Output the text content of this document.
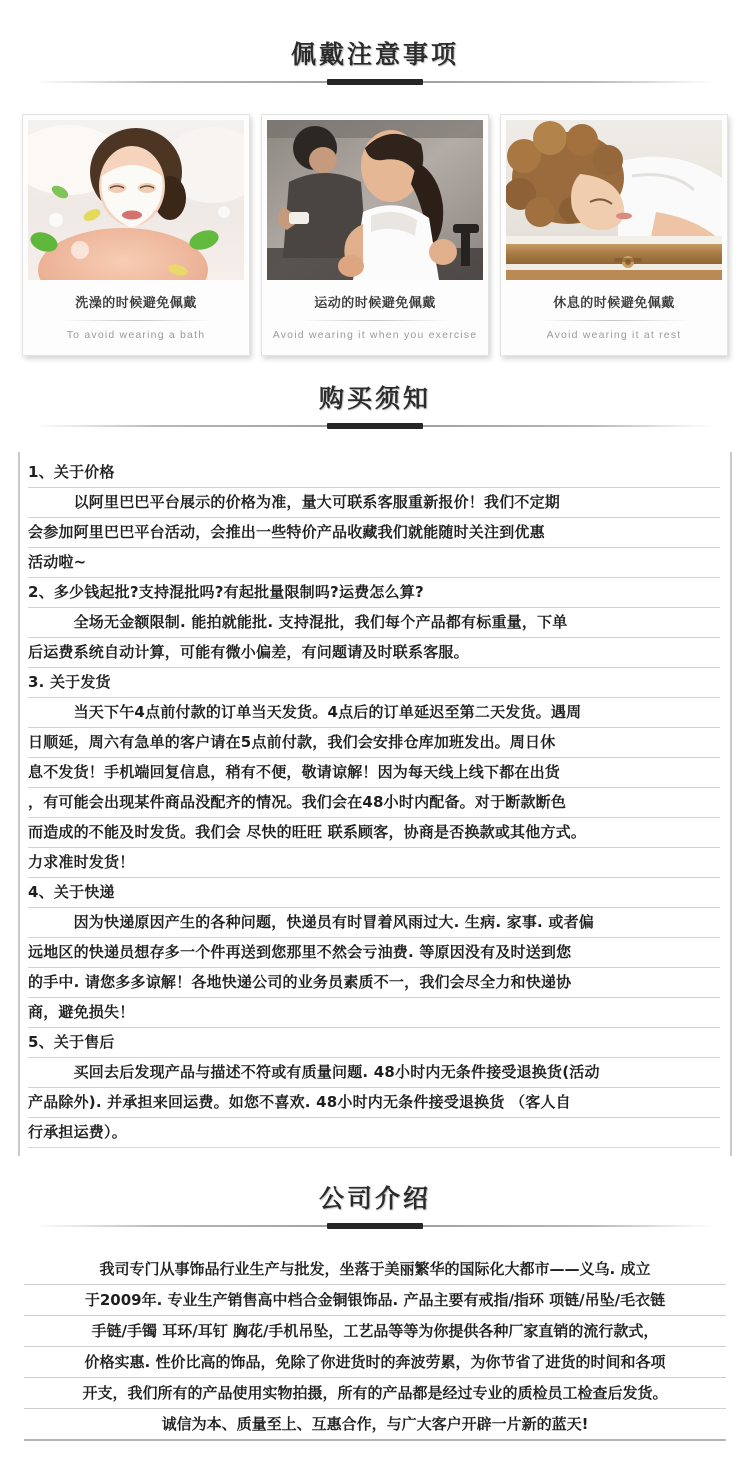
佩戴注意事项
洗澡的时候避免佩戴
To avoid wearing a bath
运动的时候避免佩戴
Avoid wearing it when you exercise
休息的时候避免佩戴
Avoid wearing it at rest
购买须知
1、关于价格
　　　以阿里巴巴平台展示的价格为准，量大可联系客服重新报价！我们不定期
会参加阿里巴巴平台活动，会推出一些特价产品收藏我们就能随时关注到优惠
活动啦~
2、多少钱起批?支持混批吗?有起批量限制吗?运费怎么算?
　　　全场无金额限制. 能拍就能批. 支持混批，我们每个产品都有标重量，下单
后运费系统自动计算，可能有微小偏差，有问题请及时联系客服。
3. 关于发货
　　　当天下午4点前付款的订单当天发货。4点后的订单延迟至第二天发货。遇周
日顺延，周六有急单的客户请在5点前付款，我们会安排仓库加班发出。周日休
息不发货！手机端回复信息，稍有不便，敬请谅解！因为每天线上线下都在出货
，有可能会出现某件商品没配齐的情况。我们会在48小时内配备。对于断款断色
而造成的不能及时发货。我们会 尽快的旺旺 联系顾客，协商是否换款或其他方式。
力求准时发货！
4、关于快递
　　　因为快递原因产生的各种问题，快递员有时冒着风雨过大. 生病. 家事. 或者偏
远地区的快递员想存多一个件再送到您那里不然会亏油费. 等原因没有及时送到您
的手中. 请您多多谅解！各地快递公司的业务员素质不一，我们会尽全力和快递协
商，避免损失！
5、关于售后
　　　买回去后发现产品与描述不符或有质量问题. 48小时内无条件接受退换货(活动
产品除外). 并承担来回运费。如您不喜欢. 48小时内无条件接受退换货 （客人自
行承担运费）。
公司介绍
我司专门从事饰品行业生产与批发，坐落于美丽繁华的国际化大都市——义乌. 成立
于2009年. 专业生产销售高中档合金铜银饰品. 产品主要有戒指/指环 项链/吊坠/毛衣链
手链/手镯 耳环/耳钉 胸花/手机吊坠，工艺品等等为你提供各种厂家直销的流行款式，
价格实惠. 性价比高的饰品，免除了你进货时的奔波劳累，为你节省了进货的时间和各项
开支，我们所有的产品使用实物拍摄，所有的产品都是经过专业的质检员工检查后发货。
诚信为本、质量至上、互惠合作，与广大客户开辟一片新的蓝天!
